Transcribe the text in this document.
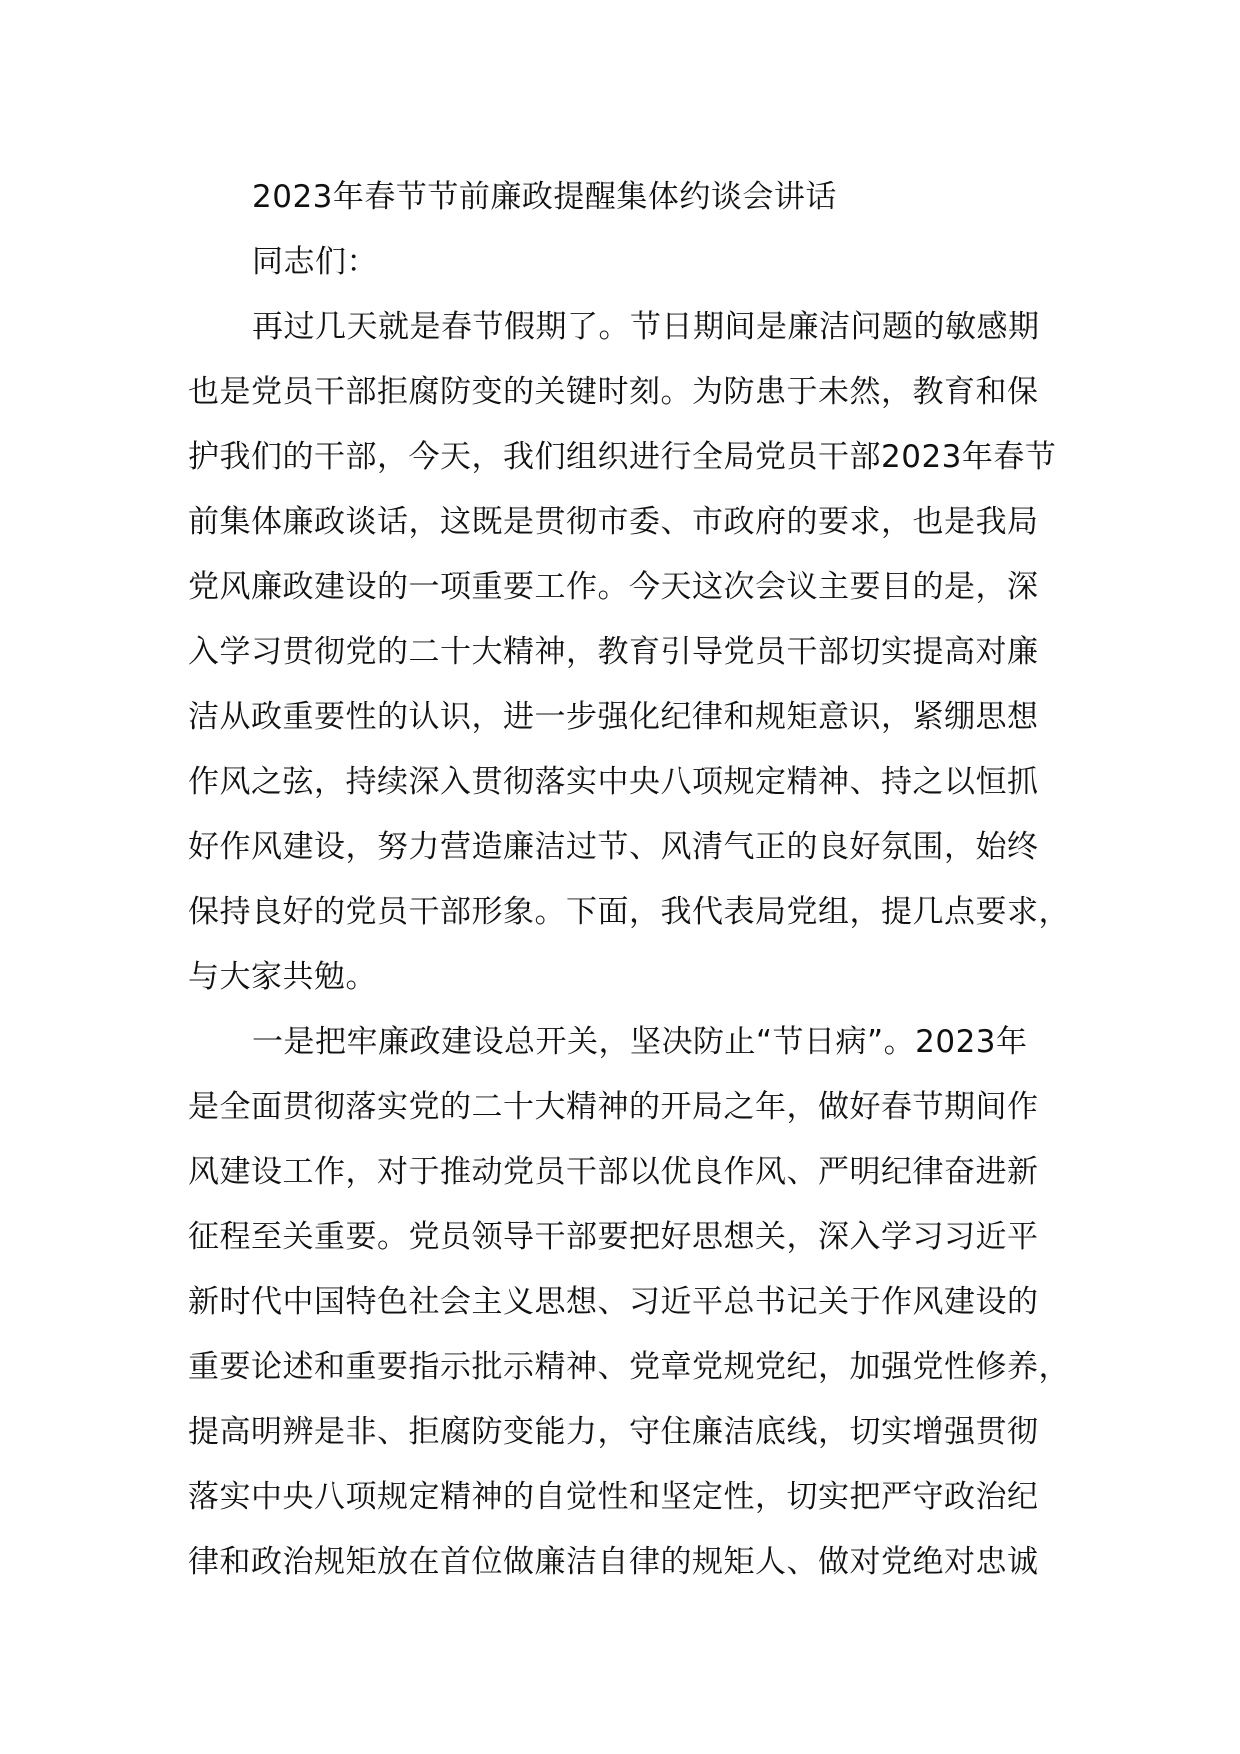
2023年春节节前廉政提醒集体约谈会讲话
同志们：
再过几天就是春节假期了。节日期间是廉洁问题的敏感期
也是党员干部拒腐防变的关键时刻。为防患于未然，教育和保
护我们的干部，今天，我们组织进行全局党员干部2023年春节
前集体廉政谈话，这既是贯彻市委、市政府的要求，也是我局
党风廉政建设的一项重要工作。今天这次会议主要目的是，深
入学习贯彻党的二十大精神，教育引导党员干部切实提高对廉
洁从政重要性的认识，进一步强化纪律和规矩意识，紧绷思想
作风之弦，持续深入贯彻落实中央八项规定精神、持之以恒抓
好作风建设，努力营造廉洁过节、风清气正的良好氛围，始终
保持良好的党员干部形象。下面，我代表局党组，提几点要求，
与大家共勉。
一是把牢廉政建设总开关，坚决防止“节日病”。2023年
是全面贯彻落实党的二十大精神的开局之年，做好春节期间作
风建设工作，对于推动党员干部以优良作风、严明纪律奋进新
征程至关重要。党员领导干部要把好思想关，深入学习习近平
新时代中国特色社会主义思想、习近平总书记关于作风建设的
重要论述和重要指示批示精神、党章党规党纪，加强党性修养，
提高明辨是非、拒腐防变能力，守住廉洁底线，切实增强贯彻
落实中央八项规定精神的自觉性和坚定性，切实把严守政治纪
律和政治规矩放在首位做廉洁自律的规矩人、做对党绝对忠诚
